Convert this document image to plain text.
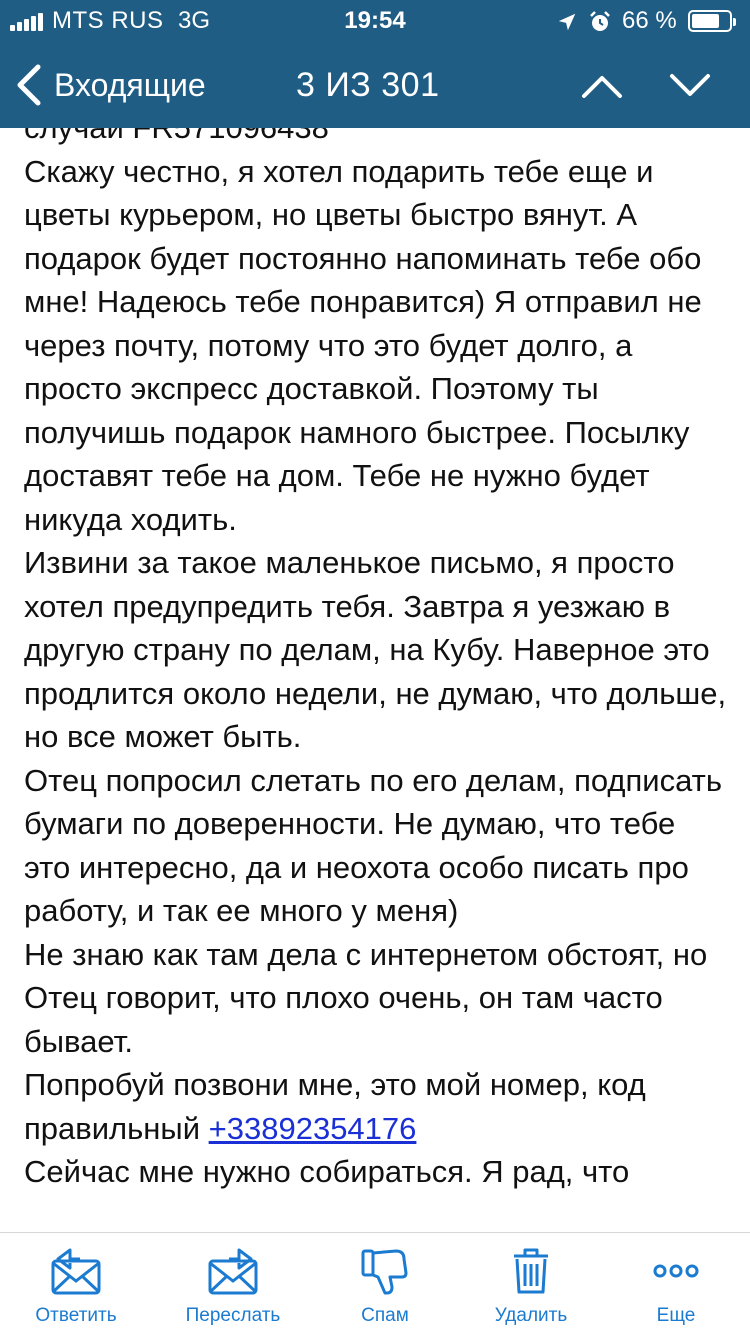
MTS RUS 3G	19:54	66 %
Входящие	3 ИЗ 301

Скажу честно, я хотел подарить тебе еще и цветы курьером, но цветы быстро вянут. А подарок будет постоянно напоминать тебе обо мне! Надеюсь тебе понравится) Я отправил не через почту, потому что это будет долго, а просто экспресс доставкой. Поэтому ты получишь подарок намного быстрее. Посылку доставят тебе на дом. Тебе не нужно будет никуда ходить.

Извини за такое маленькое письмо, я просто хотел предупредить тебя. Завтра я уезжаю в другую страну по делам, на Кубу. Наверное это продлится около недели, не думаю, что дольше, но все может быть.

Отец попросил слетать по его делам, подписать бумаги по доверенности. Не думаю, что тебе это интересно, да и неохота особо писать про работу, и так ее много у меня)

Не знаю как там дела с интернетом обстоят, но Отец говорит, что плохо очень, он там часто бывает.

Попробуй позвони мне, это мой номер, код правильный +33892354176

Сейчас мне нужно собираться. Я рад, что

Ответить	Переслать	Спам	Удалить	Еще
